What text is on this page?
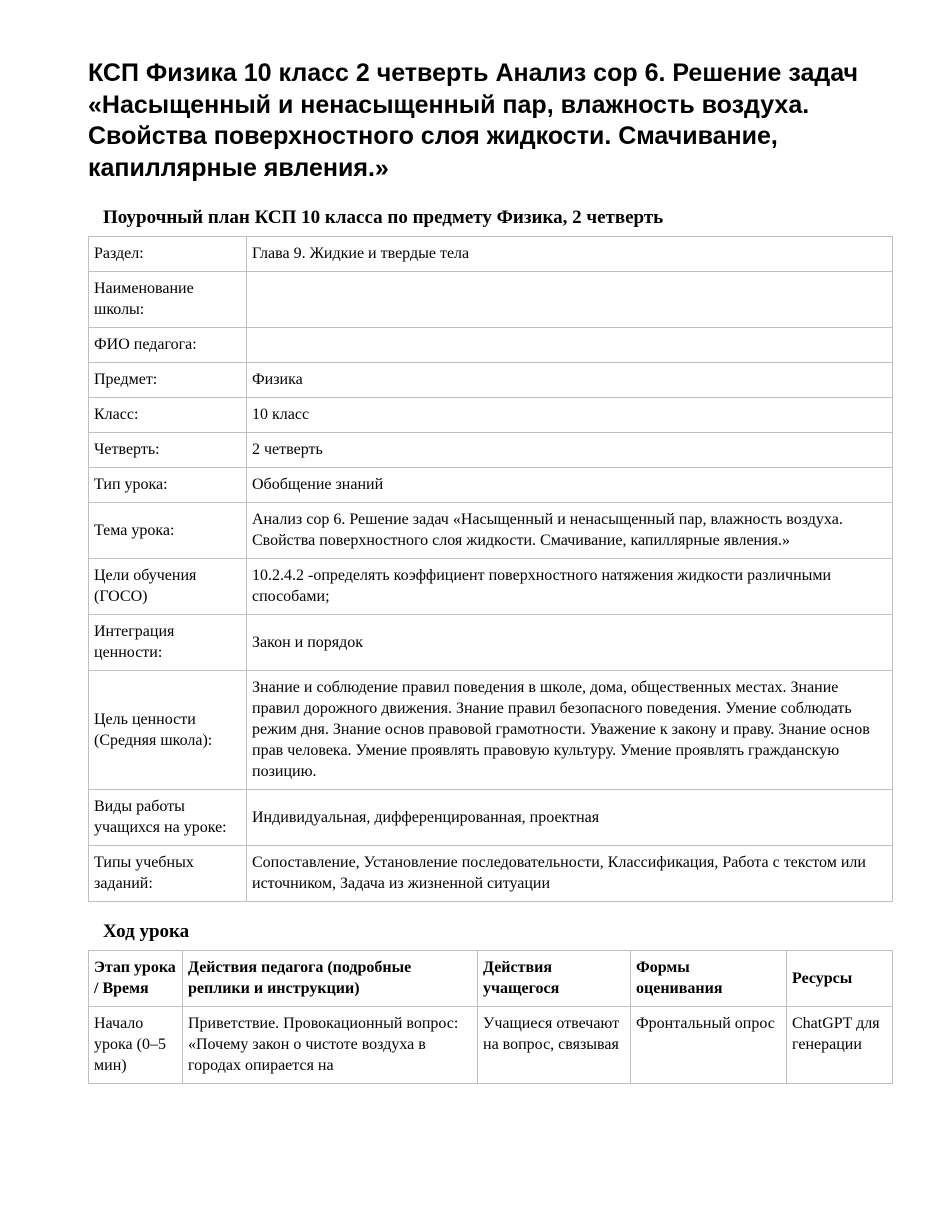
КСП Физика 10 класс 2 четверть Анализ сор 6. Решение задач «Насыщенный и ненасыщенный пар, влажность воздуха. Свойства поверхностного слоя жидкости. Смачивание, капиллярные явления.»
Поурочный план КСП 10 класса по предмету Физика, 2 четверть
Раздел:	Глава 9. Жидкие и твердые тела
Наименование школы:	
ФИО педагога:	
Предмет:	Физика
Класс:	10 класс
Четверть:	2 четверть
Тип урока:	Обобщение знаний
Тема урока:	Анализ сор 6. Решение задач «Насыщенный и ненасыщенный пар, влажность воздуха. Свойства поверхностного слоя жидкости. Смачивание, капиллярные явления.»
Цели обучения (ГОСО)	10.2.4.2 -определять коэффициент поверхностного натяжения жидкости различными способами;
Интеграция ценности:	Закон и порядок
Цель ценности (Средняя школа):	Знание и соблюдение правил поведения в школе, дома, общественных местах. Знание правил дорожного движения. Знание правил безопасного поведения. Умение соблюдать режим дня. Знание основ правовой грамотности. Уважение к закону и праву. Знание основ прав человека. Умение проявлять правовую культуру. Умение проявлять гражданскую позицию.
Виды работы учащихся на уроке:	Индивидуальная, дифференцированная, проектная
Типы учебных заданий:	Сопоставление, Установление последовательности, Классификация, Работа с текстом или источником, Задача из жизненной ситуации
Ход урока
Этап урока / Время	Действия педагога (подробные реплики и инструкции)	Действия учащегося	Формы оценивания	Ресурсы
Начало урока (0–5 мин)	Приветствие. Провокационный вопрос: «Почему закон о чистоте воздуха в городах опирается на	Учащиеся отвечают на вопрос, связывая	Фронтальный опрос	ChatGPT для генерации
